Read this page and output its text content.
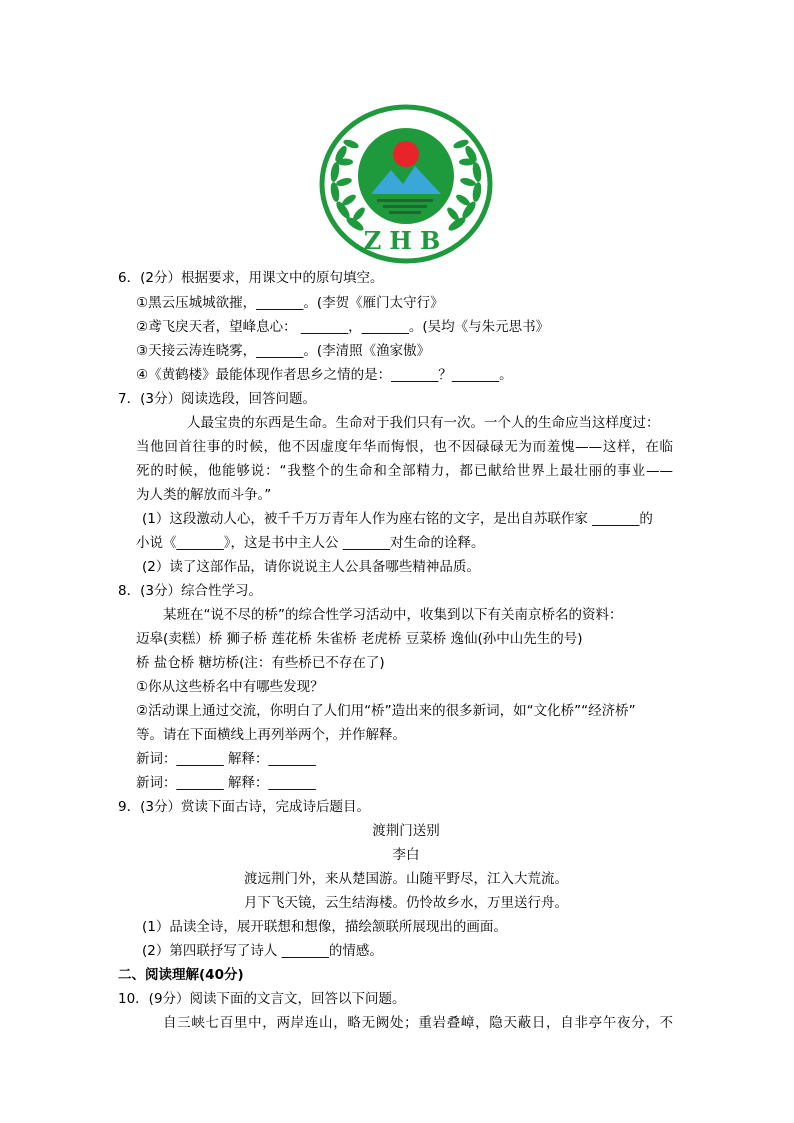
ZHB
6．(2分）根据要求，用课文中的原句填空。
①黑云压城城欲摧，_______。(李贺《雁门太守行》
②鸢飞戾天者，望峰息心： _______，_______。(吴均《与朱元思书》
③天接云涛连晓雾，_______。(李清照《渔家傲》
④《黄鹤楼》最能体现作者思乡之情的是：_______？_______。
7．(3分）阅读选段，回答问题。
人最宝贵的东西是生命。生命对于我们只有一次。一个人的生命应当这样度过：
当他回首往事的时候，他不因虚度年华而悔恨，也不因碌碌无为而羞愧——这样，在临
死的时候，他能够说：“我整个的生命和全部精力，都已献给世界上最壮丽的事业——
为人类的解放而斗争。”
(1）这段激动人心，被千千万万青年人作为座右铭的文字，是出自苏联作家 _______的
小说《_______》，这是书中主人公 _______对生命的诠释。
(2）读了这部作品，请你说说主人公具备哪些精神品质。
8．(3分）综合性学习。
某班在“说不尽的桥”的综合性学习活动中，收集到以下有关南京桥名的资料：
迈皋(卖糕）桥 狮子桥 莲花桥 朱雀桥 老虎桥 豆菜桥 逸仙(孙中山先生的号)
桥 盐仓桥 糖坊桥(注：有些桥已不存在了)
①你从这些桥名中有哪些发现？
②活动课上通过交流，你明白了人们用“桥”造出来的很多新词，如“文化桥”“经济桥”
等。请在下面横线上再列举两个，并作解释。
新词：_______ 解释：_______
新词：_______ 解释：_______
9．(3分）赏读下面古诗，完成诗后题目。
渡荆门送别
李白
渡远荆门外，来从楚国游。山随平野尽，江入大荒流。
月下飞天镜，云生结海楼。仍怜故乡水，万里送行舟。
(1）品读全诗，展开联想和想像，描绘颔联所展现出的画面。
(2）第四联抒写了诗人 _______的情感。
二、阅读理解(40分)
10．(9分）阅读下面的文言文，回答以下问题。
自三峡七百里中，两岸连山，略无阙处；重岩叠嶂，隐天蔽日，自非亭午夜分，不
